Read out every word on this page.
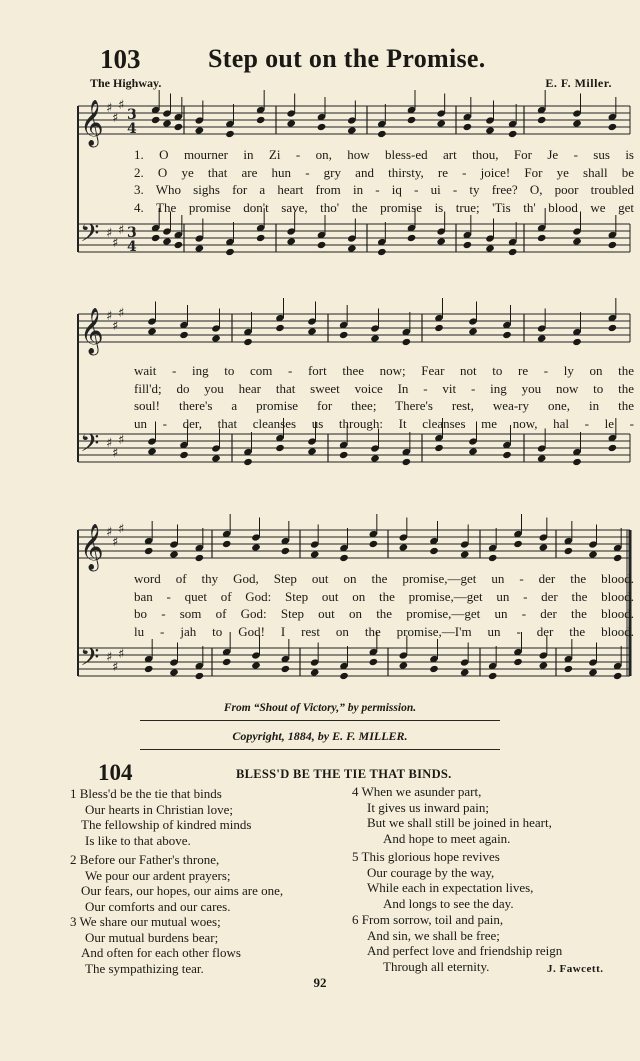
103	Step out on the Promise.
The Highway.	E. F. Miller.
𝄞 ♯
♯
♯
3
4
𝄢 ♯
♯
♯ 3
4
1. O mourner in Zi - on, how bless-ed art thou, For Je - sus is
2. O ye that are hun - gry and thirsty, re - joice! For ye shall be
3. Who sighs for a heart from in - iq - ui - ty free? O, poor troubled
4. The promise don't save, tho' the promise is true; 'Tis th' blood we get
𝄞 ♯
♯
♯
𝄢 ♯
♯
♯
wait - ing to com - fort thee now; Fear not to re - ly on the
fill'd; do you hear that sweet voice In - vit - ing you now to the
soul! there's a promise for thee; There's rest, wea-ry one, in the
un - der, that cleanses us through: It cleanses me now, hal - le -
𝄞 ♯
♯
♯
𝄢 ♯
♯
♯
word of thy God, Step out on the promise,—get un - der the blood.
ban - quet of God: Step out on the promise,—get un - der the blood.
bo - som of God: Step out on the promise,—get un - der the blood.
lu - jah to God! I rest on the promise,—I'm un - der the blood.
From “Shout of Victory,” by permission.
Copyright, 1884, by E. F. MILLER.
104	BLESS'D BE THE TIE THAT BINDS.
1 Bless'd be the tie that binds
Our hearts in Christian love;
The fellowship of kindred minds
Is like to that above.
2 Before our Father's throne,
We pour our ardent prayers;
Our fears, our hopes, our aims are one,
Our comforts and our cares.
3 We share our mutual woes;
Our mutual burdens bear;
And often for each other flows
The sympathizing tear.
4 When we asunder part,
It gives us inward pain;
But we shall still be joined in heart,
And hope to meet again.
5 This glorious hope revives
Our courage by the way,
While each in expectation lives,
And longs to see the day.
6 From sorrow, toil and pain,
And sin, we shall be free;
And perfect love and friendship reign
Through all eternity.	J. Fawcett.
92
